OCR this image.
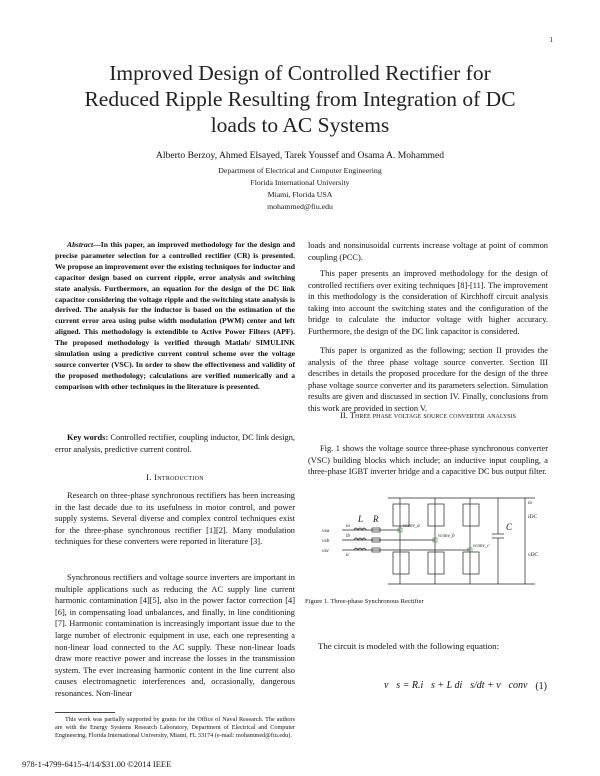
1
Improved Design of Controlled Rectifier for
Reduced Ripple Resulting from Integration of DC
loads to AC Systems
Alberto Berzoy, Ahmed Elsayed, Tarek Youssef and Osama A. Mohammed
Department of Electrical and Computer Engineering
Florida International University
Miami, Florida USA
mohammed@fiu.edu
Abstract—In this paper, an improved methodology for the design and precise parameter selection for a controlled rectifier (CR) is presented. We propose an improvement over the existing techniques for inductor and capacitor design based on current ripple, error analysis and switching state analysis. Furthermore, an equation for the design of the DC link capacitor considering the voltage ripple and the switching state analysis is derived. The analysis for the inductor is based on the estimation of the current error area using pulse width modulation (PWM) center and left aligned. This methodology is extendible to Active Power Filters (APF). The proposed methodology is verified through Matlab/ SIMULINK simulation using a predictive current control scheme over the voltage source converter (VSC). In order to show the effectiveness and validity of the proposed methodology; calculations are verified numerically and a comparison with other techniques in the literature is presented.
Key words: Controlled rectifier, coupling inductor, DC link design, error analysis, predictive current control.
I. Introduction
Research on three-phase synchronous rectifiers has been increasing in the last decade due to its usefulness in motor control, and power supply systems. Several diverse and complex control techniques exist for the three-phase synchronous rectifier [1][2]. Many modulation techniques for these converters were reported in literature [3].
Synchronous rectifiers and voltage source inverters are important in multiple applications such as reducing the AC supply line current harmonic contamination [4][5], also in the power factor correction [4][6], in compensating load unbalances, and finally, in line conditioning [7]. Harmonic contamination is increasingly important issue due to the large number of electronic equipment in use, each one representing a non-linear load connected to the AC supply. These non-linear loads draw more reactive power and increase the losses in the transmission system. The ever increasing harmonic content in the line current also causes electromagnetic interferences and, occasionally, dangerous resonances. Non-linear
This work was partially supported by grants for the Office of Naval Research. The authors are with the Energy Systems Research Laboratory, Department of Electrical and Computer Engineering, Florida International University, Miami, FL 33174 (e-mail: mohammed@fiu.edu).
978-1-4799-6415-4/14/$31.00 ©2014 IEEE
loads and nonsinusoidal currents increase voltage at point of common coupling (PCC).
This paper presents an improved methodology for the design of controlled rectifiers over exiting techniques [8]-[11]. The improvement in this methodology is the consideration of Kirchhoff circuit analysis taking into account the switching states and the configuration of the bridge to calculate the inductor voltage with higher accuracy. Furthermore, the design of the DC link capacitor is considered.
This paper is organized as the following; section II provides the analysis of the three phase voltage source converter. Section III describes in details the proposed procedure for the design of the three phase voltage source converter and its parameters selection. Simulation results are given and discussed in section IV. Finally, conclusions from this work are provided in section V.
II. Three phase voltage source converter analysis
Fig. 1 shows the voltage source three-phase synchronous converter (VSC) building blocks which include; an inductive input coupling, a three-phase IGBT inverter bridge and a capacitive DC bus output filter.
L R
C
vsa
vsb
vsc
ia
ib
ic
vconv_a
vconv_b
vconv_c
io
iDC
vDC
Figure 1. Three-phase Synchronous Rectifier
The circuit is modeled with the following equation:
v⃗s = R.i⃗s + L di⃗s/dt + v⃗conv (1)
